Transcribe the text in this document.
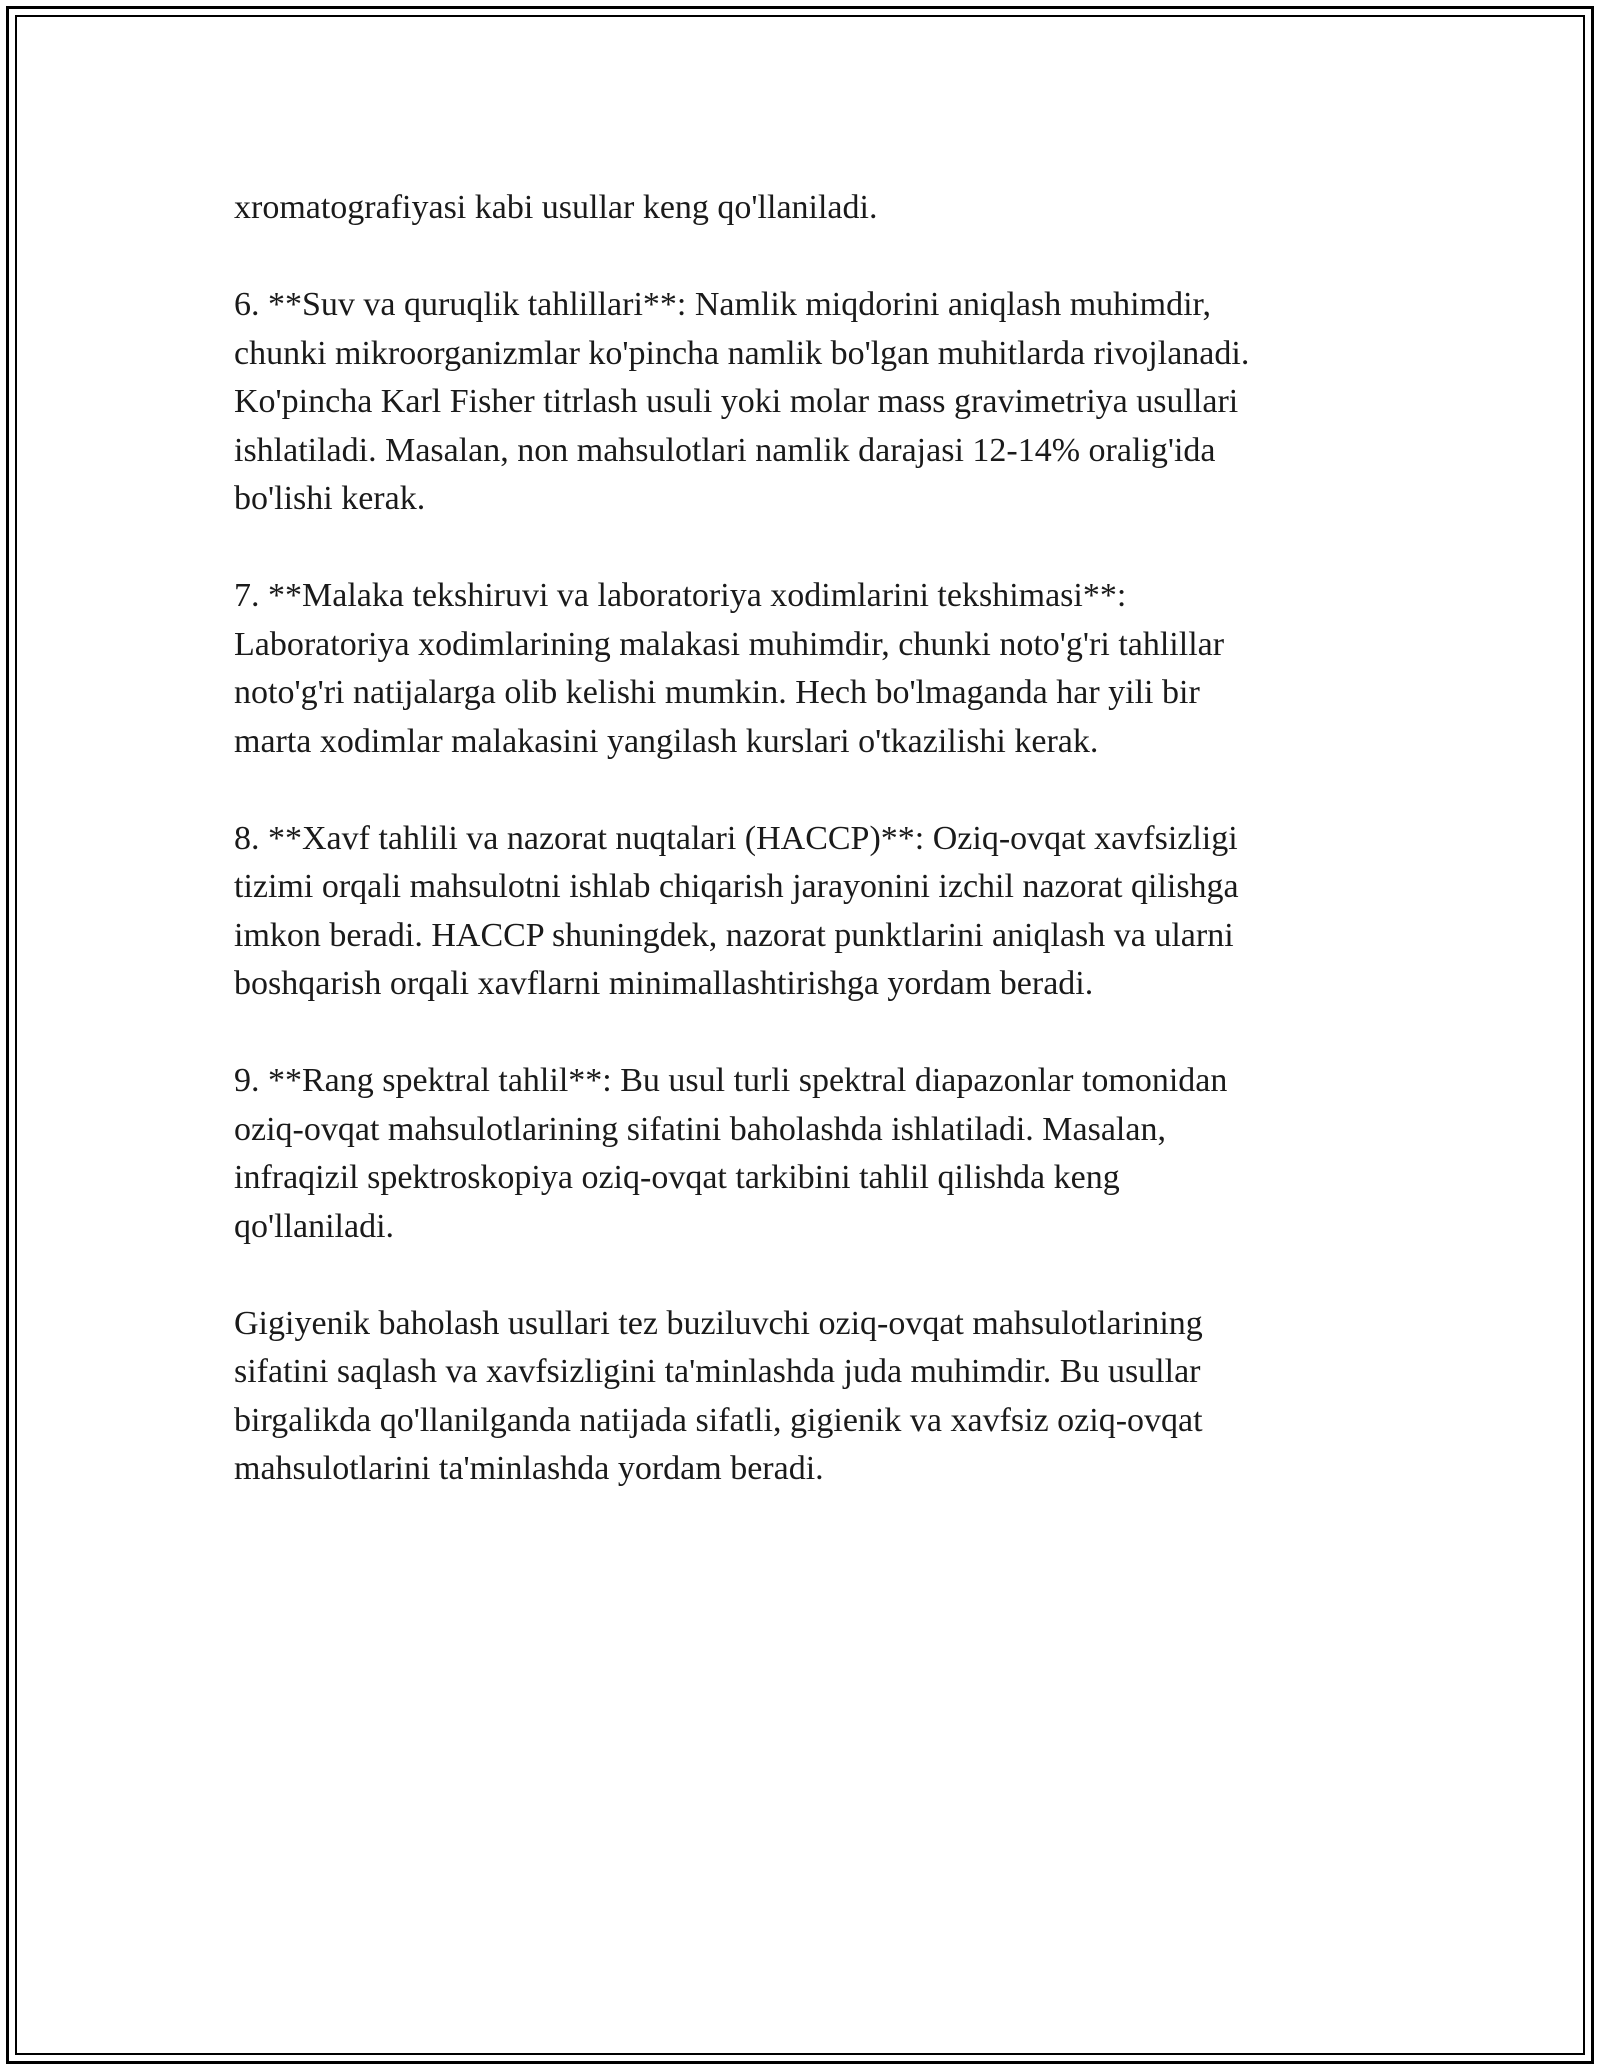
xromatografiyasi kabi usullar keng qo'llaniladi.

6. **Suv va quruqlik tahlillari**: Namlik miqdorini aniqlash muhimdir,
chunki mikroorganizmlar ko'pincha namlik bo'lgan muhitlarda rivojlanadi.
Ko'pincha Karl Fisher titrlash usuli yoki molar mass gravimetriya usullari
ishlatiladi. Masalan, non mahsulotlari namlik darajasi 12-14% oralig'ida
bo'lishi kerak.

7. **Malaka tekshiruvi va laboratoriya xodimlarini tekshimasi**:
Laboratoriya xodimlarining malakasi muhimdir, chunki noto'g'ri tahlillar
noto'g'ri natijalarga olib kelishi mumkin. Hech bo'lmaganda har yili bir
marta xodimlar malakasini yangilash kurslari o'tkazilishi kerak.

8. **Xavf tahlili va nazorat nuqtalari (HACCP)**: Oziq-ovqat xavfsizligi
tizimi orqali mahsulotni ishlab chiqarish jarayonini izchil nazorat qilishga
imkon beradi. HACCP shuningdek, nazorat punktlarini aniqlash va ularni
boshqarish orqali xavflarni minimallashtirishga yordam beradi.

9. **Rang spektral tahlil**: Bu usul turli spektral diapazonlar tomonidan
oziq-ovqat mahsulotlarining sifatini baholashda ishlatiladi. Masalan,
infraqizil spektroskopiya oziq-ovqat tarkibini tahlil qilishda keng
qo'llaniladi.

Gigiyenik baholash usullari tez buziluvchi oziq-ovqat mahsulotlarining
sifatini saqlash va xavfsizligini ta'minlashda juda muhimdir. Bu usullar
birgalikda qo'llanilganda natijada sifatli, gigienik va xavfsiz oziq-ovqat
mahsulotlarini ta'minlashda yordam beradi.
